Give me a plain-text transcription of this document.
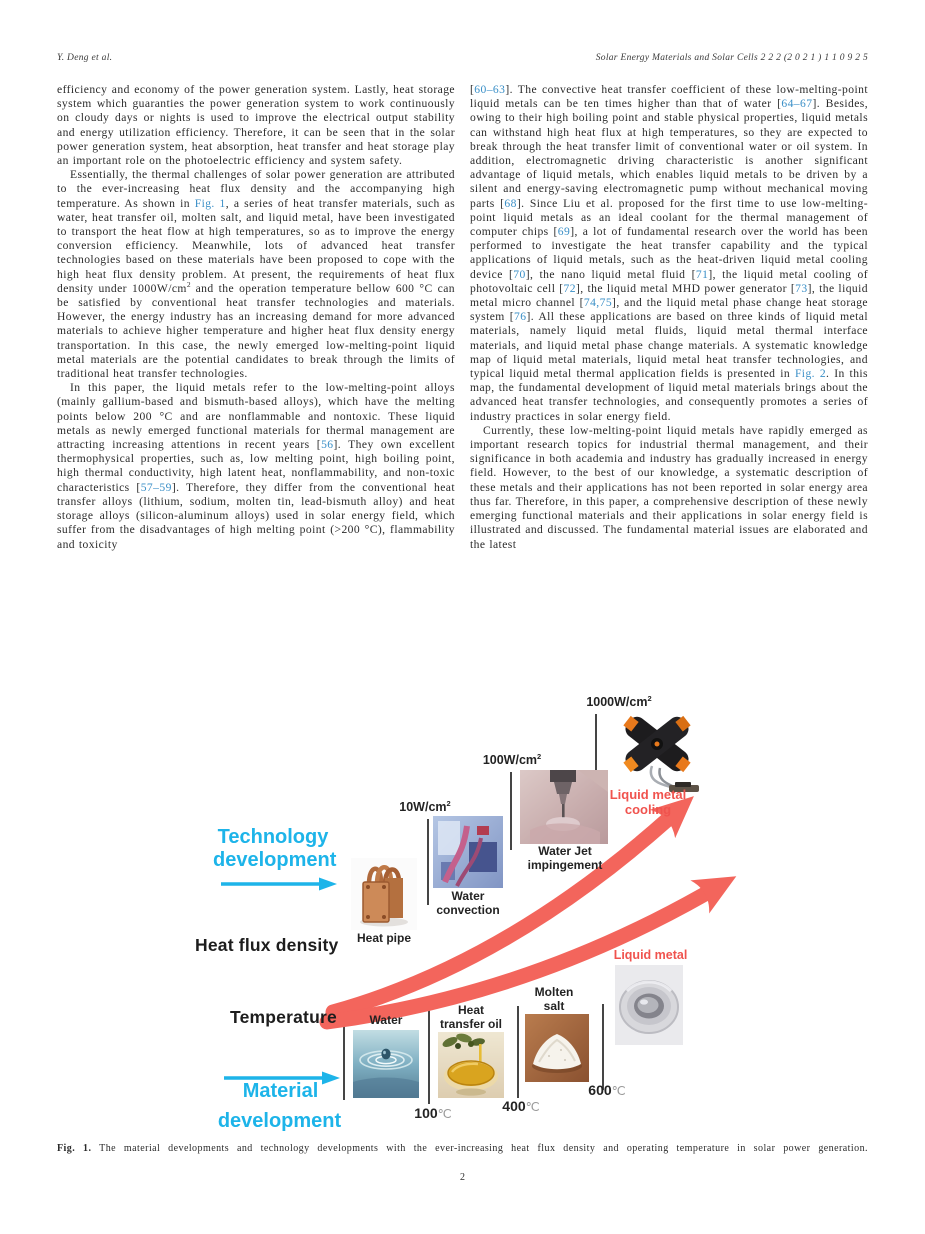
Y. Deng et al.	Solar Energy Materials and Solar Cells 2 2 2 (2 0 2 1 ) 1 1 0 9 2 5

efficiency and economy of the power generation system. Lastly, heat storage system which guaranties the power generation system to work continuously on cloudy days or nights is used to improve the electrical output stability and energy utilization efficiency. Therefore, it can be seen that in the solar power generation system, heat absorption, heat transfer and heat storage play an important role on the photoelectric efficiency and system safety.

Essentially, the thermal challenges of solar power generation are attributed to the ever-increasing heat flux density and the accompanying high temperature. As shown in Fig. 1, a series of heat transfer materials, such as water, heat transfer oil, molten salt, and liquid metal, have been investigated to transport the heat flow at high temperatures, so as to improve the energy conversion efficiency. Meanwhile, lots of advanced heat transfer technologies based on these materials have been proposed to cope with the high heat flux density problem. At present, the requirements of heat flux density under $1000W/cm^2$ and the operation temperature bellow 600 °C can be satisfied by conventional heat transfer technologies and materials. However, the energy industry has an increasing demand for more advanced materials to achieve higher temperature and higher heat flux density energy transportation. In this case, the newly emerged low-melting-point liquid metal materials are the potential candidates to break through the limits of traditional heat transfer technologies.

In this paper, the liquid metals refer to the low-melting-point alloys (mainly gallium-based and bismuth-based alloys), which have the melting points below 200 °C and are nonflammable and nontoxic. These liquid metals as newly emerged functional materials for thermal management are attracting increasing attentions in recent years [56]. They own excellent thermophysical properties, such as, low melting point, high boiling point, high thermal conductivity, high latent heat, nonflammability, and non-toxic characteristics [57–59]. Therefore, they differ from the conventional heat transfer alloys (lithium, sodium, molten tin, lead-bismuth alloy) and heat storage alloys (silicon-aluminum alloys) used in solar energy field, which suffer from the disadvantages of high melting point (>200 °C), flammability and toxicity

[60–63]. The convective heat transfer coefficient of these low-melting-point liquid metals can be ten times higher than that of water [64–67]. Besides, owing to their high boiling point and stable physical properties, liquid metals can withstand high heat flux at high temperatures, so they are expected to break through the heat transfer limit of conventional water or oil system. In addition, electromagnetic driving characteristic is another significant advantage of liquid metals, which enables liquid metals to be driven by a silent and energy-saving electromagnetic pump without mechanical moving parts [68]. Since Liu et al. proposed for the first time to use low-melting-point liquid metals as an ideal coolant for the thermal management of computer chips [69], a lot of fundamental research over the world has been performed to investigate the heat transfer capability and the typical applications of liquid metals, such as the heat-driven liquid metal cooling device [70], the nano liquid metal fluid [71], the liquid metal cooling of photovoltaic cell [72], the liquid metal MHD power generator [73], the liquid metal micro channel [74,75], and the liquid metal phase change heat storage system [76]. All these applications are based on three kinds of liquid metal materials, namely liquid metal fluids, liquid metal thermal interface materials, and liquid metal phase change materials. A systematic knowledge map of liquid metal materials, liquid metal heat transfer technologies, and typical liquid metal thermal application fields is presented in Fig. 2. In this map, the fundamental development of liquid metal materials brings about the advanced heat transfer technologies, and consequently promotes a series of industry practices in solar energy field.

Currently, these low-melting-point liquid metals have rapidly emerged as important research topics for industrial thermal management, and their significance in both academia and industry has gradually increased in energy field. However, to the best of our knowledge, a systematic description of these metals and their applications has not been reported in solar energy area thus far. Therefore, in this paper, a comprehensive description of these newly emerging functional materials and their applications in solar energy field is illustrated and discussed. The fundamental material issues are elaborated and the latest

$1000W/cm^2$
$100W/cm^2$
$10W/cm^2$
Liquid metal
cooling
Water Jet
impingement
Water
convection
Technology
development
Heat pipe
Heat flux density
Temperature	Water
100℃
Heat
transfer oil
400℃
Molten
salt
600℃
Liquid metal
Material
development
Fig. 1. The material developments and technology developments with the ever-increasing heat flux density and operating temperature in solar power generation.
2
